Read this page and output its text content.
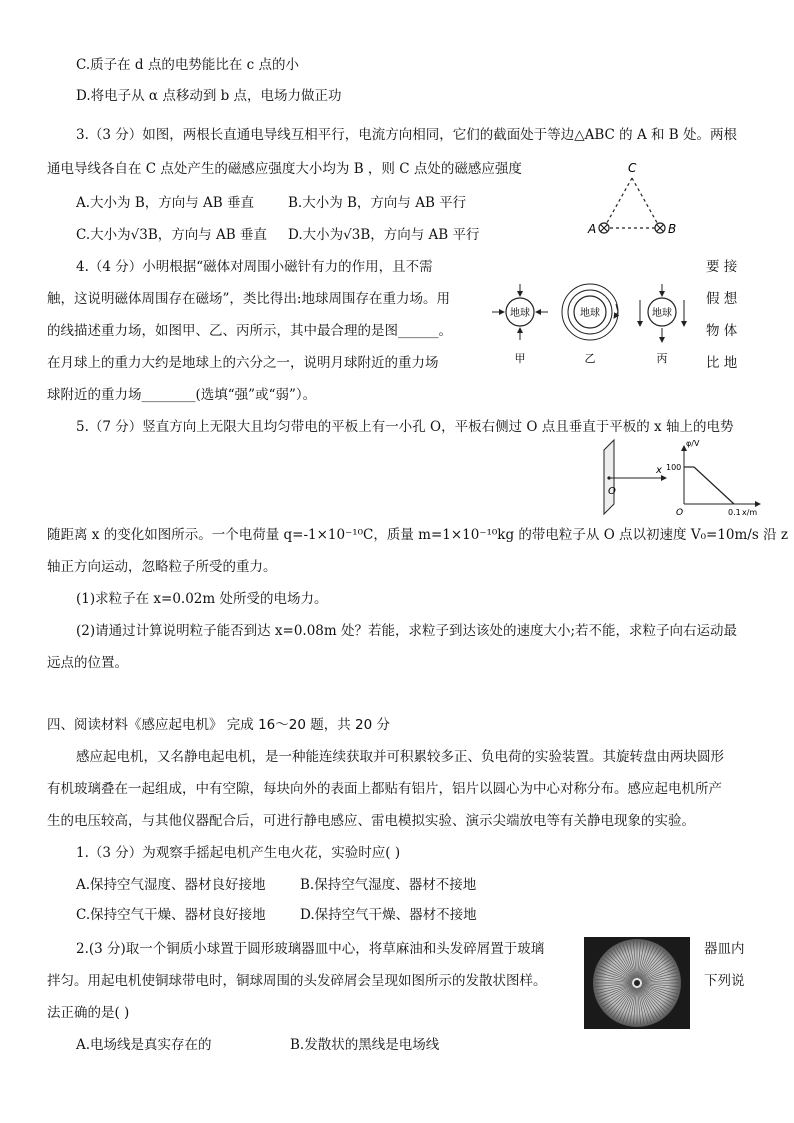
C.质子在 d 点的电势能比在 c 点的小
D.将电子从 α 点移动到 b 点，电场力做正功
3.（3 分）如图，两根长直通电导线互相平行，电流方向相同，它们的截面处于等边△ABC 的 A 和 B 处。两根
通电导线各自在 C 点处产生的磁感应强度大小均为 B ，则 C 点处的磁感应强度
A.大小为 B，方向与 AB 垂直	B.大小为 B，方向与 AB 平行
C.大小为√3B，方向与 AB 垂直 D.大小为√3B，方向与 AB 平行
C
A	B
4.（4 分）小明根据“磁体对周围小磁针有力的作用，且不需	要 接
触，这说明磁体周围存在磁场”，类比得出:地球周围存在重力场。用	假 想
的线描述重力场，如图甲、乙、丙所示，其中最合理的是图______。	物 体
在月球上的重力大约是地球上的六分之一，说明月球附近的重力场	比 地
球附近的重力场________(选填“强”或“弱”）。
地球
甲
地球
乙
地球
丙
5.（7 分）竖直方向上无限大且均匀带电的平板上有一小孔 O，平板右侧过 O 点且垂直于平板的 x 轴上的电势
O
x
φ/V
100
O	0.1 x/m
随距离 x 的变化如图所示。一个电荷量 q=-1×10⁻¹⁰C，质量 m=1×10⁻¹⁰kg 的带电粒子从 O 点以初速度 V₀=10m/s 沿 z
轴正方向运动，忽略粒子所受的重力。
(1)求粒子在 x=0.02m 处所受的电场力。
(2)请通过计算说明粒子能否到达 x=0.08m 处？若能，求粒子到达该处的速度大小;若不能，求粒子向右运动最
远点的位置。
四、阅读材料《感应起电机》 完成 16～20 题，共 20 分
感应起电机，又名静电起电机，是一种能连续获取并可积累较多正、负电荷的实验装置。其旋转盘由两块圆形
有机玻璃叠在一起组成，中有空隙，每块向外的表面上都贴有铝片，铝片以圆心为中心对称分布。感应起电机所产
生的电压较高，与其他仪器配合后，可进行静电感应、雷电模拟实验、演示尖端放电等有关静电现象的实验。
1.（3 分）为观察手摇起电机产生电火花，实验时应( )
A.保持空气湿度、器材良好接地	B.保持空气湿度、器材不接地
C.保持空气干燥、器材良好接地	D.保持空气干燥、器材不接地
2.(3 分)取一个铜质小球置于圆形玻璃器皿中心，将草麻油和头发碎屑置于玻璃	器皿内
拌匀。用起电机使铜球带电时，铜球周围的头发碎屑会呈现如图所示的发散状图样。	下列说
法正确的是( )
A.电场线是真实存在的	B.发散状的黑线是电场线
